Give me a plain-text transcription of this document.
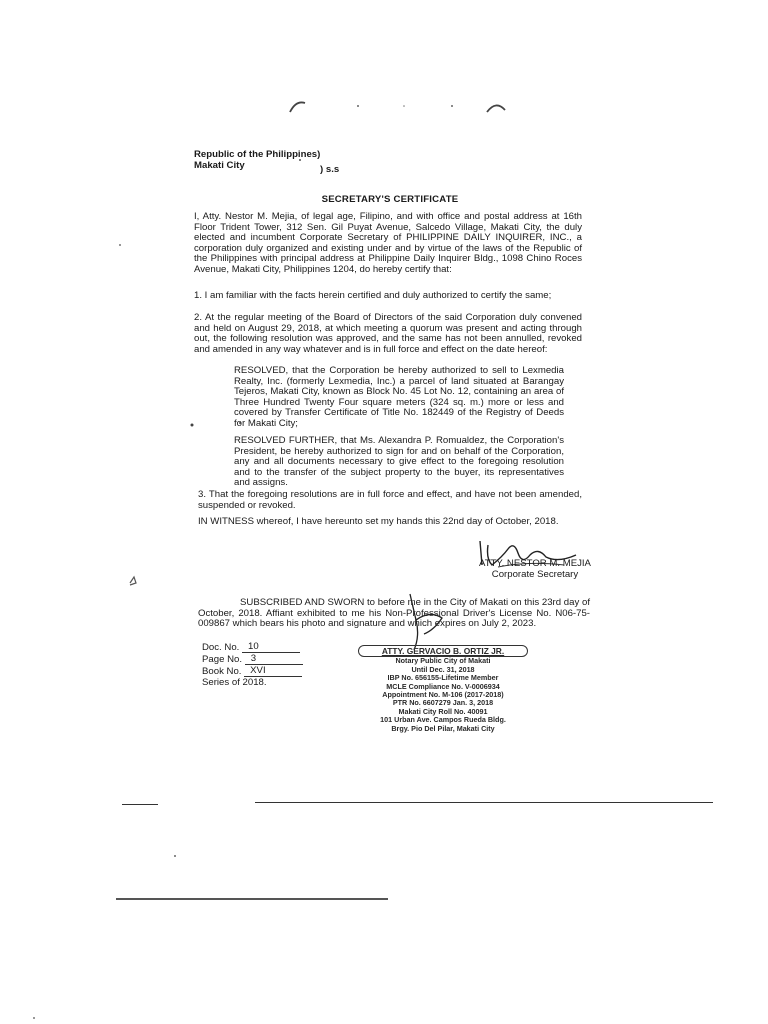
Republic of the Philippines)
Makati City	) s.s
SECRETARY'S CERTIFICATE

I, Atty. Nestor M. Mejia, of legal age, Filipino, and with office and postal address at 16th Floor Trident Tower, 312 Sen. Gil Puyat Avenue, Salcedo Village, Makati City, the duly elected and incumbent Corporate Secretary of PHILIPPINE DAILY INQUIRER, INC., a corporation duly organized and existing under and by virtue of the laws of the Republic of the Philippines with principal address at Philippine Daily Inquirer Bldg., 1098 Chino Roces Avenue, Makati City, Philippines 1204, do hereby certify that:

1. I am familiar with the facts herein certified and duly authorized to certify the same;

2. At the regular meeting of the Board of Directors of the said Corporation duly convened and held on August 29, 2018, at which meeting a quorum was present and acting through out, the following resolution was approved, and the same has not been annulled, revoked and amended in any way whatever and is in full force and effect on the date hereof:

RESOLVED, that the Corporation be hereby authorized to sell to Lexmedia Realty, Inc. (formerly Lexmedia, Inc.) a parcel of land situated at Barangay Tejeros, Makati City, known as Block No. 45 Lot No. 12, containing an area of Three Hundred Twenty Four square meters (324 sq. m.) more or less and covered by Transfer Certificate of Title No. 182449 of the Registry of Deeds for Makati City;

RESOLVED FURTHER, that Ms. Alexandra P. Romualdez, the Corporation's President, be hereby authorized to sign for and on behalf of the Corporation, any and all documents necessary to give effect to the foregoing resolution and to the transfer of the subject property to the buyer, its representatives and assigns.

3. That the foregoing resolutions are in full force and effect, and have not been amended, suspended or revoked.

IN WITNESS whereof, I have hereunto set my hands this 22nd day of October, 2018.

ATTY. NESTOR M. MEJIA
Corporate Secretary

SUBSCRIBED AND SWORN to before me in the City of Makati on this 23rd day of October, 2018. Affiant exhibited to me his Non-Professional Driver's License No. N06-75-009867 which bears his photo and signature and which expires on July 2, 2023.

Doc. No. 10
Page No. 3
Book No. XVI
Series of 2018.
ATTY. GERVACIO B. ORTIZ JR.
Notary Public City of Makati
Until Dec. 31, 2018
IBP No. 656155-Lifetime Member
MCLE Compliance No. V-0006934
Appointment No. M-106 (2017-2018)
PTR No. 6607279 Jan. 3, 2018
Makati City Roll No. 40091
101 Urban Ave. Campos Rueda Bldg.
Brgy. Pio Del Pilar, Makati City
